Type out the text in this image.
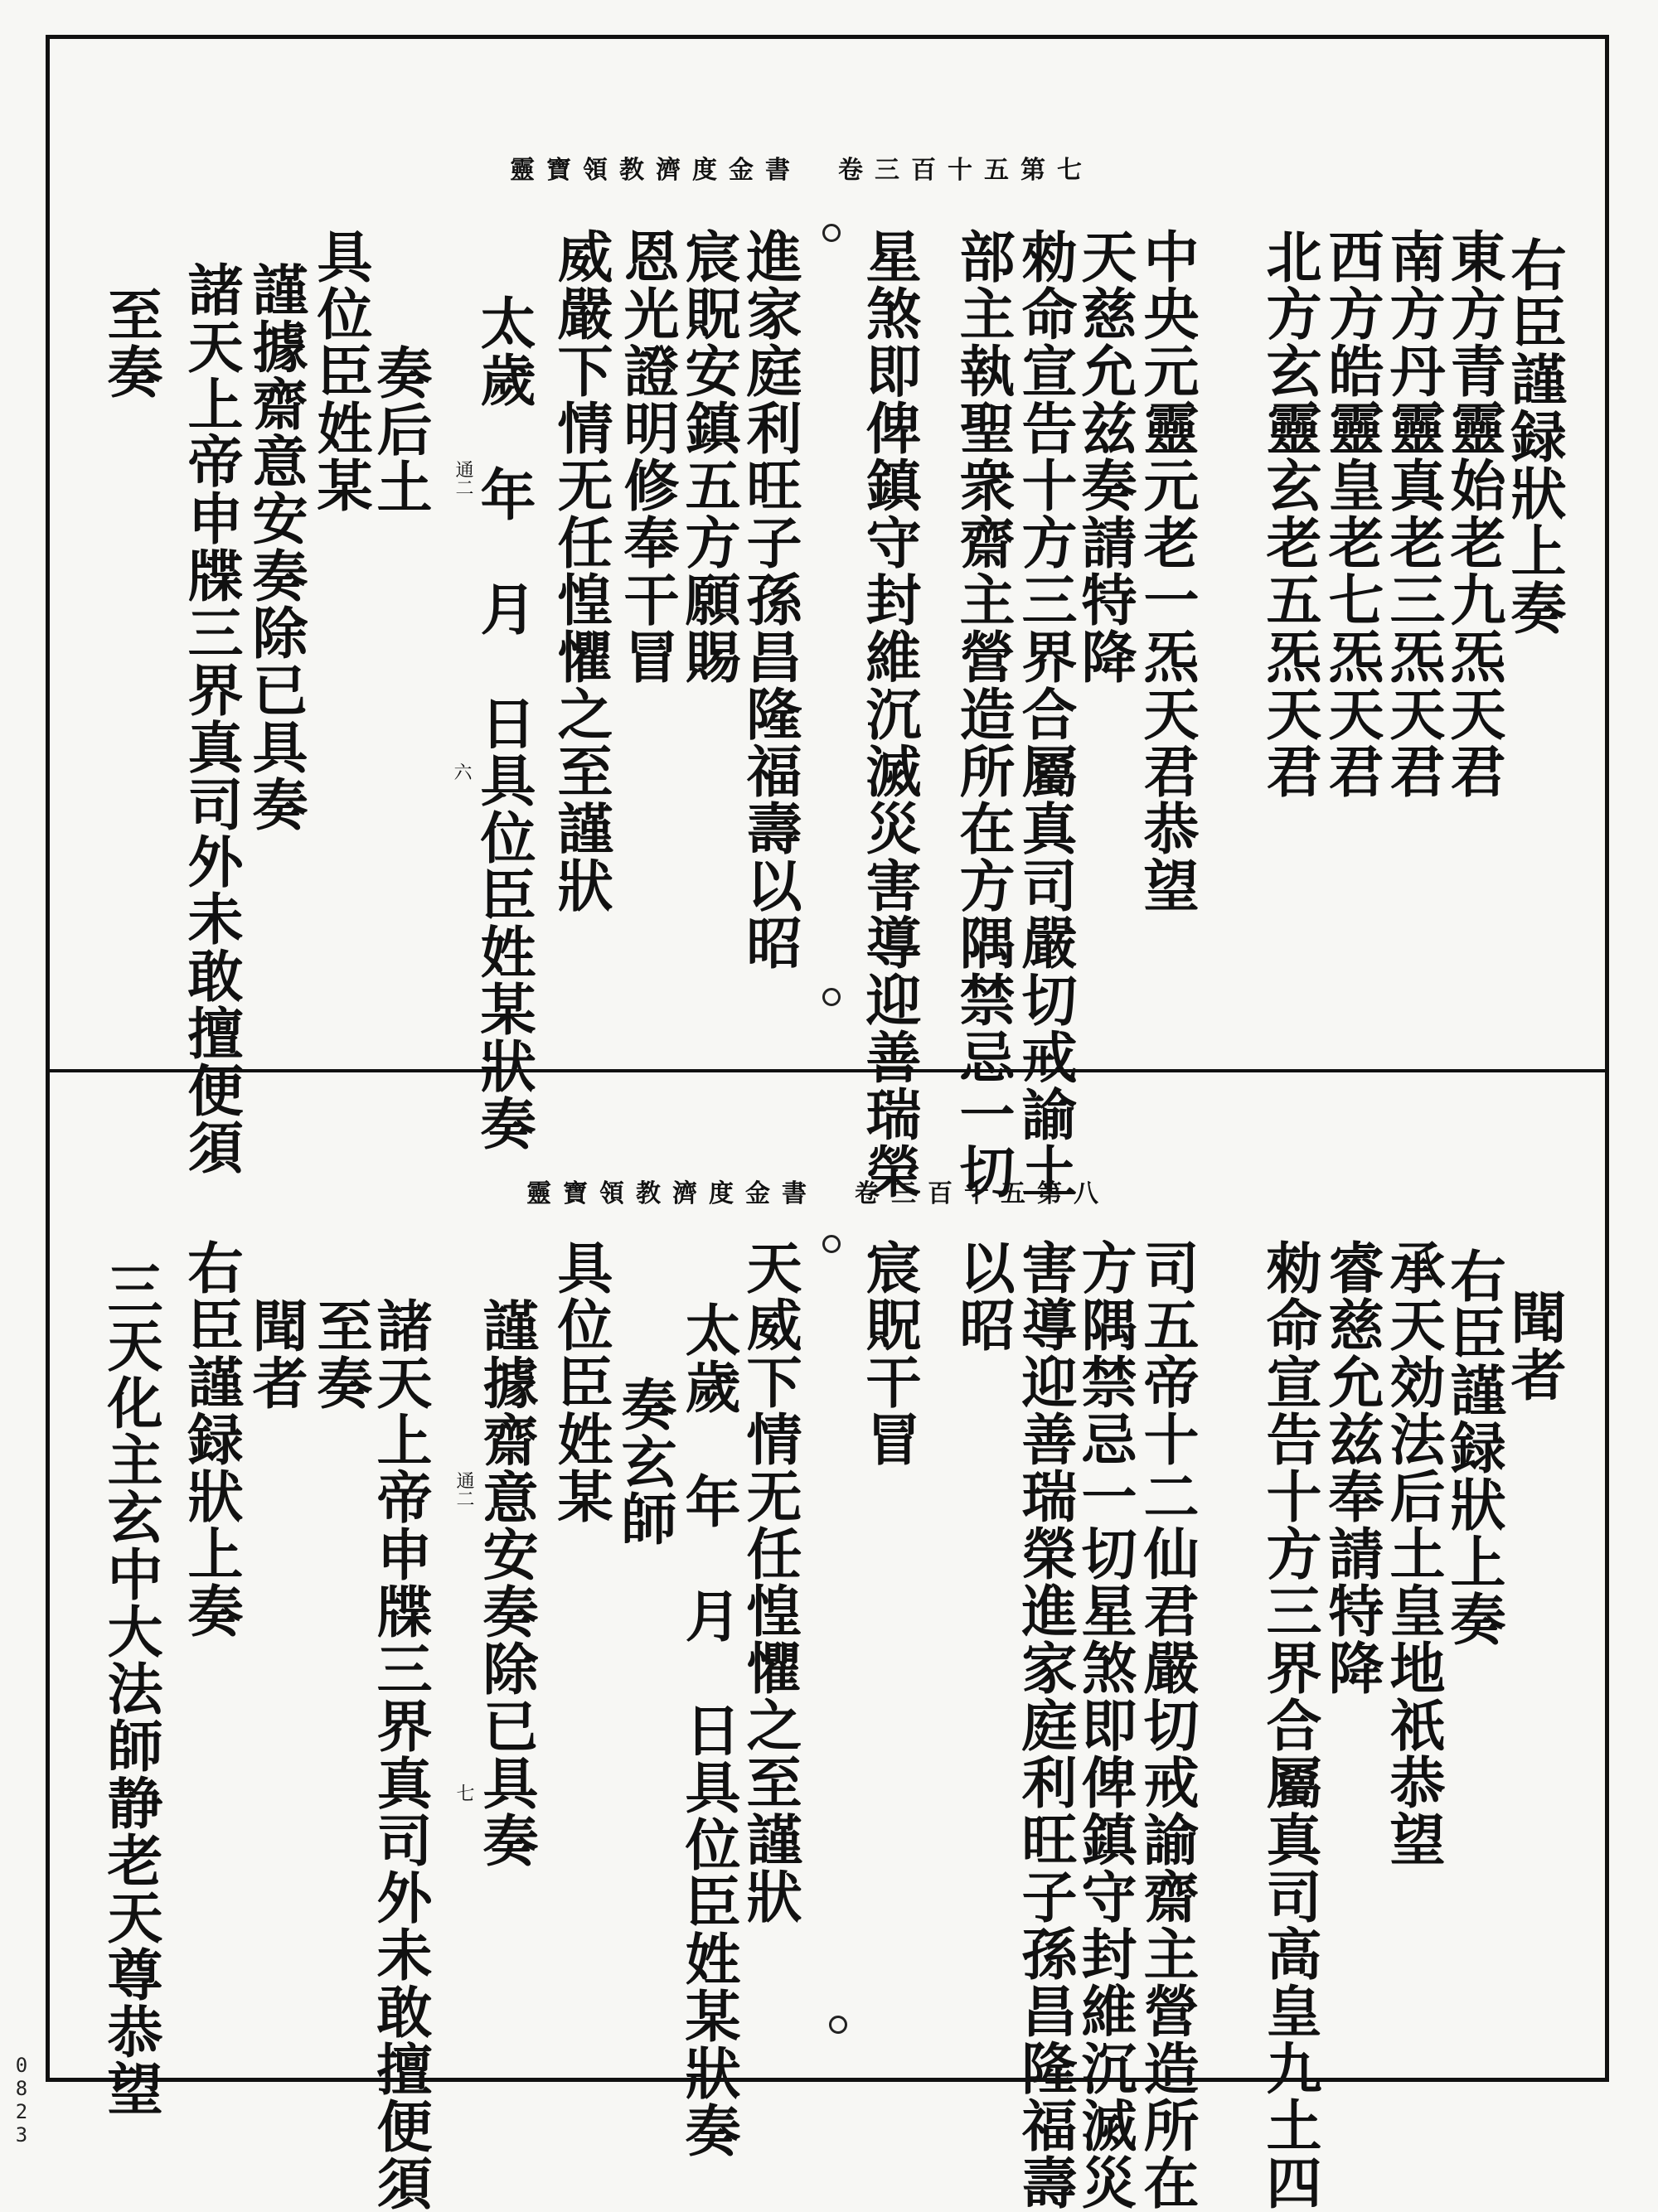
靈寶領教濟度金書　卷三百十五第七
右臣謹録狀上奏
東方青靈始老九炁天君
南方丹靈真老三炁天君
西方皓靈皇老七炁天君
北方玄靈玄老五炁天君
中央元靈元老一炁天君恭望
天慈允兹奏請特降
勑命宣告十方三界合屬真司嚴切戒諭土
部主執聖衆齋主營造所在方隅禁忌一切
星煞即俾鎮守封維沉滅災害導迎善瑞榮
進家庭利旺子孫昌隆福壽以昭
宸貺安鎮五方願賜
恩光證明修奉干冒
威嚴下情无任惶懼之至謹狀
太歲　年　月　日具位臣姓某狀奏
奏后土
具位臣姓某
謹據齋意安奏除已具奏
諸天上帝申牒三界真司外未敢擅便須
至奏
通二
六
靈寶領教濟度金書　卷三百十五第八
聞者
右臣謹録狀上奏
承天効法后土皇地祇恭望
睿慈允兹奉請特降
勑命宣告十方三界合屬真司高皇九土四
司五帝十二仙君嚴切戒諭齋主營造所在
方隅禁忌一切星煞即俾鎮守封維沉滅災
害導迎善瑞榮進家庭利旺子孫昌隆福壽
以昭
宸貺干冒
天威下情无任惶懼之至謹狀
太歲　年　月　日具位臣姓某狀奏
奏玄師
具位臣姓某
謹據齋意安奏除已具奏
諸天上帝申牒三界真司外未敢擅便須
至奏
聞者
右臣謹録狀上奏
三天化主玄中大法師静老天尊恭望	通二
七
0823
